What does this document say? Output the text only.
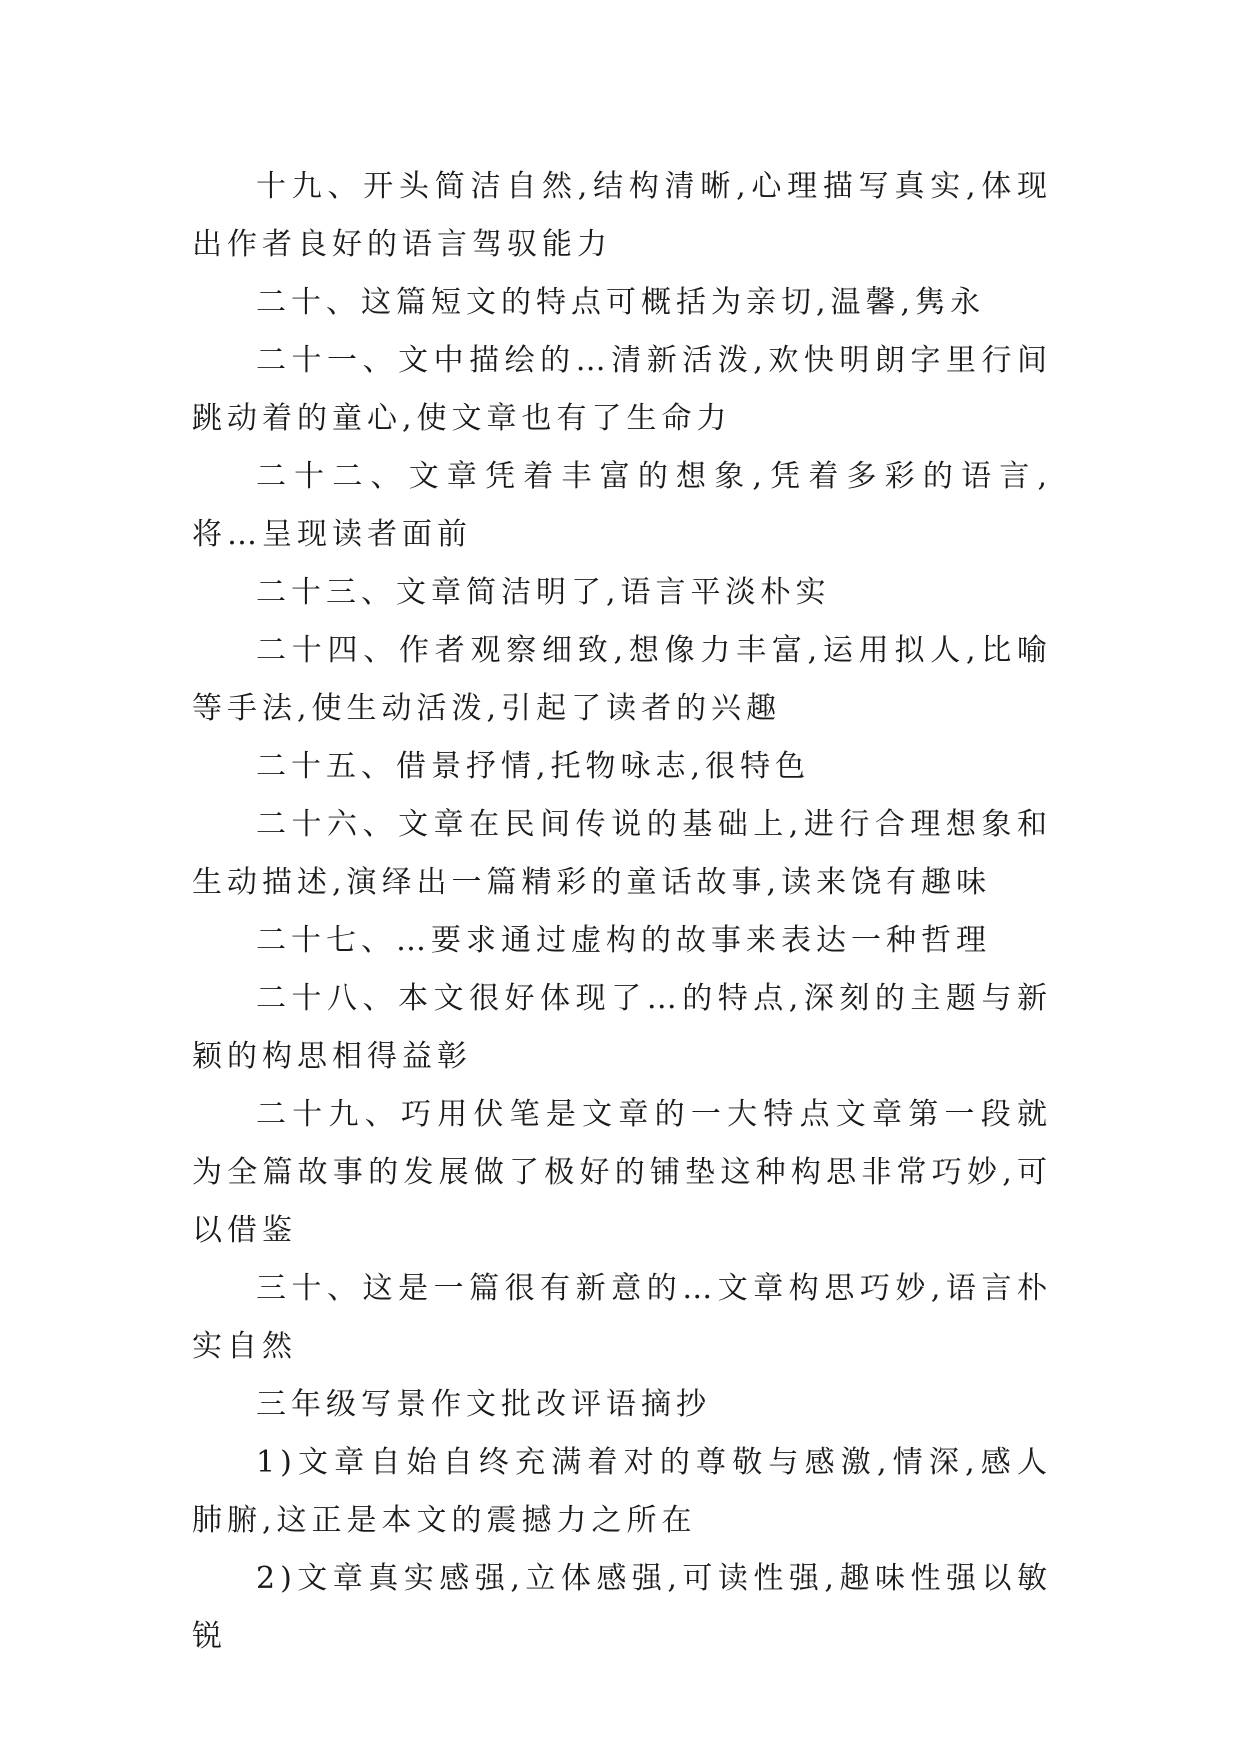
十九、开头简洁自然,结构清晰,心理描写真实,体现出作者良好的语言驾驭能力

二十、这篇短文的特点可概括为亲切,温馨,隽永

二十一、文中描绘的…清新活泼,欢快明朗字里行间跳动着的童心,使文章也有了生命力

二十二、文章凭着丰富的想象,凭着多彩的语言,将…呈现读者面前

二十三、文章简洁明了,语言平淡朴实

二十四、作者观察细致,想像力丰富,运用拟人,比喻等手法,使生动活泼,引起了读者的兴趣

二十五、借景抒情,托物咏志,很特色

二十六、文章在民间传说的基础上,进行合理想象和生动描述,演绎出一篇精彩的童话故事,读来饶有趣味

二十七、…要求通过虚构的故事来表达一种哲理

二十八、本文很好体现了…的特点,深刻的主题与新颖的构思相得益彰

二十九、巧用伏笔是文章的一大特点文章第一段就为全篇故事的发展做了极好的铺垫这种构思非常巧妙,可以借鉴

三十、这是一篇很有新意的…文章构思巧妙,语言朴实自然

三年级写景作文批改评语摘抄

1)文章自始自终充满着对的尊敬与感激,情深,感人肺腑,这正是本文的震撼力之所在

2)文章真实感强,立体感强,可读性强,趣味性强以敏锐
